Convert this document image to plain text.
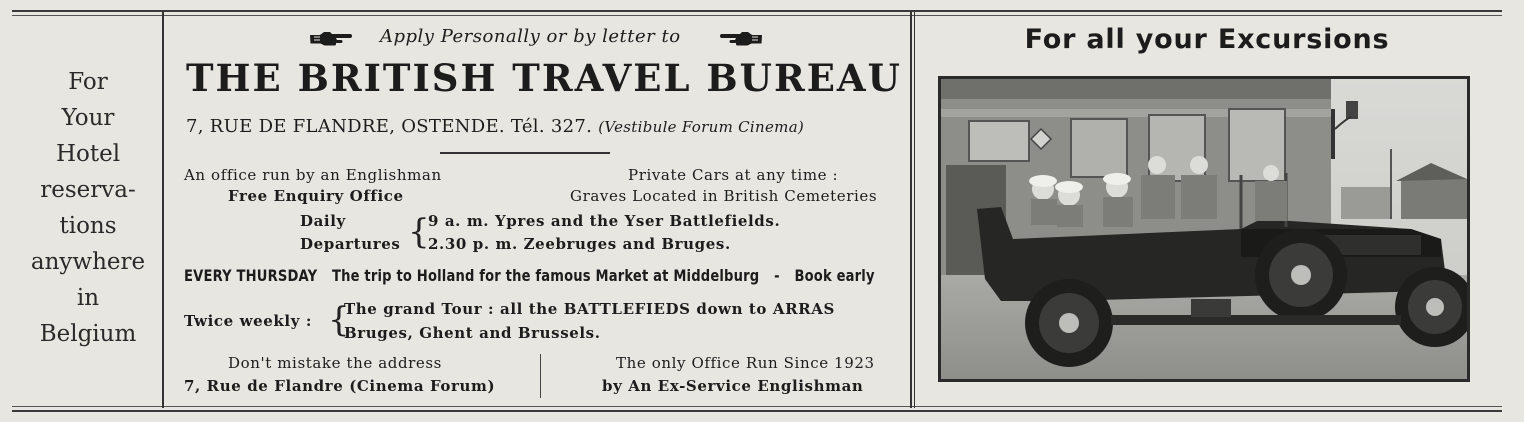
For
Your
Hotel
reserva-
tions
anywhere
in
Belgium
Apply Personally or by letter to
THE BRITISH TRAVEL BUREAU
7, RUE DE FLANDRE, OSTENDE. Tél. 327. (Vestibule Forum Cinema)
An office run by an Englishman
Free Enquiry Office
Private Cars at any time :
Graves Located in British Cemeteries
Daily
Departures {
9 a. m. Ypres and the Yser Battlefields.
2.30 p. m. Zeebruges and Bruges.
EVERY THURSDAY The trip to Holland for the famous Market at Middelburg - Book early
Twice weekly : {
The grand Tour : all the BATTLEFIEDS down to ARRAS
Bruges, Ghent and Brussels.
Don't mistake the address
7, Rue de Flandre (Cinema Forum)
The only Office Run Since 1923
by An Ex-Service Englishman
For all your Excursions
